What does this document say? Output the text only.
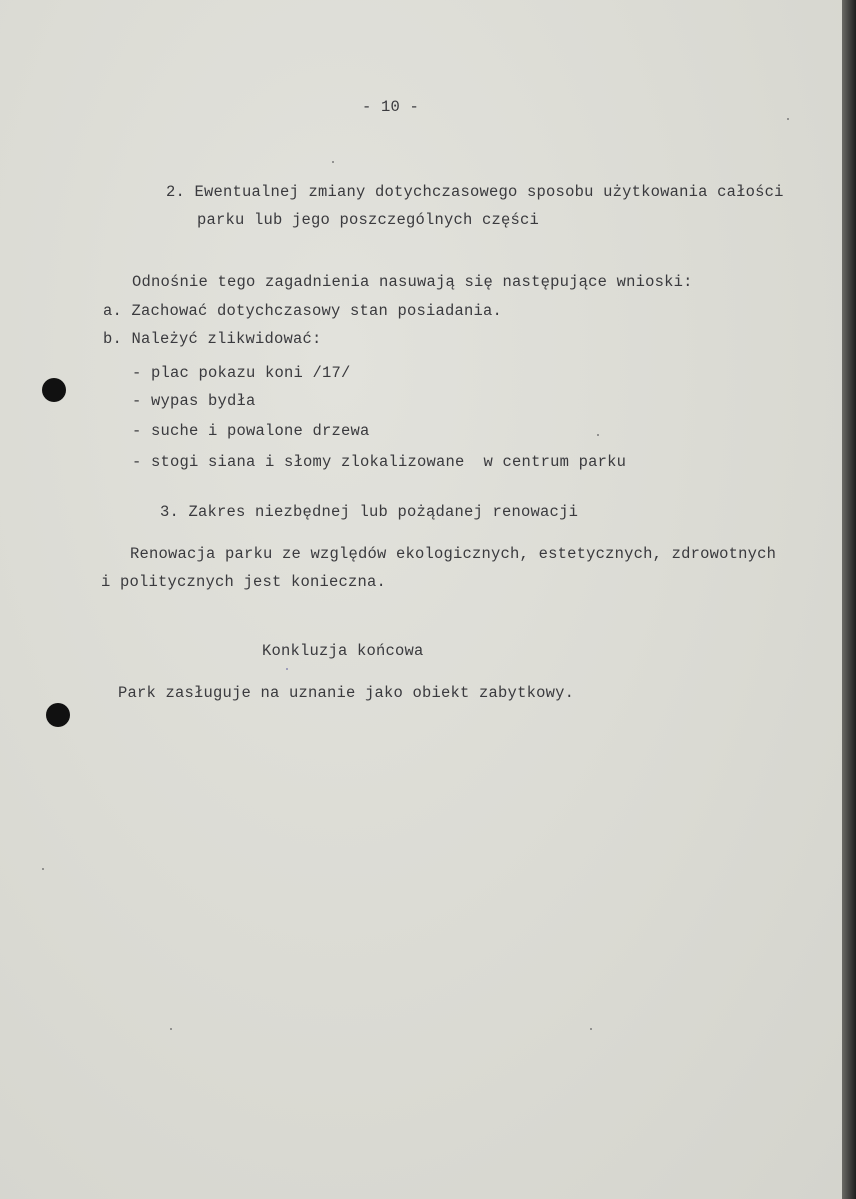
- 10 -
2. Ewentualnej zmiany dotychczasowego sposobu użytkowania całości
parku lub jego poszczególnych części
Odnośnie tego zagadnienia nasuwają się następujące wnioski:
a. Zachować dotychczasowy stan posiadania.
b. Należyć zlikwidować:
- plac pokazu koni /17/
- wypas bydła
- suche i powalone drzewa
- stogi siana i słomy zlokalizowane  w centrum parku
3. Zakres niezbędnej lub pożądanej renowacji
Renowacja parku ze względów ekologicznych, estetycznych, zdrowotnych
i politycznych jest konieczna.
Konkluzja końcowa
Park zasługuje na uznanie jako obiekt zabytkowy.
